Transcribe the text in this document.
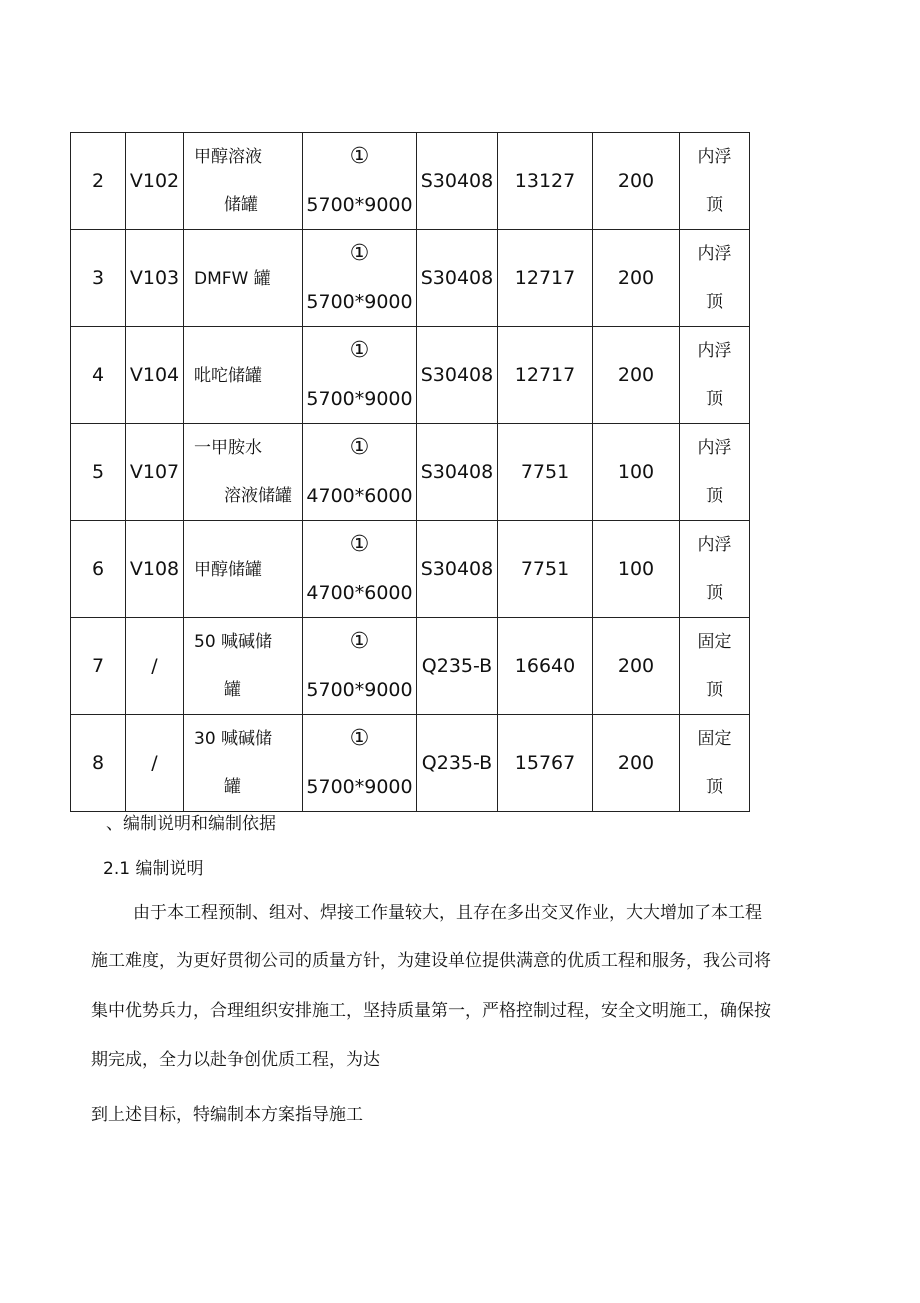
2	V102	甲醇溶液
储罐	①
5700*9000	S30408	13127	200	内浮
顶

3	V103	DMFW 罐	①
5700*9000	S30408	12717	200	内浮
顶

4	V104	吡咜储罐	①
5700*9000	S30408	12717	200	内浮
顶

5	V107	一甲胺水
溶液储罐	①
4700*6000	S30408	7751	100	内浮
顶

6	V108	甲醇储罐	①
4700*6000	S30408	7751	100	内浮
顶

7	/	50 喊碱储
罐	①
5700*9000	Q235-B	16640	200	固定
顶

8	/	30 喊碱储
罐	①
5700*9000	Q235-B	15767	200	固定
顶
、编制说明和编制依据
2.1 编制说明
由于本工程预制、组对、焊接工作量较大，且存在多出交叉作业，大大增加了本工程
施工难度，为更好贯彻公司的质量方针，为建设单位提供满意的优质工程和服务，我公司将
集中优势兵力，合理组织安排施工，坚持质量第一，严格控制过程，安全文明施工，确保按
期完成，全力以赴争创优质工程，为达
到上述目标，特编制本方案指导施工
